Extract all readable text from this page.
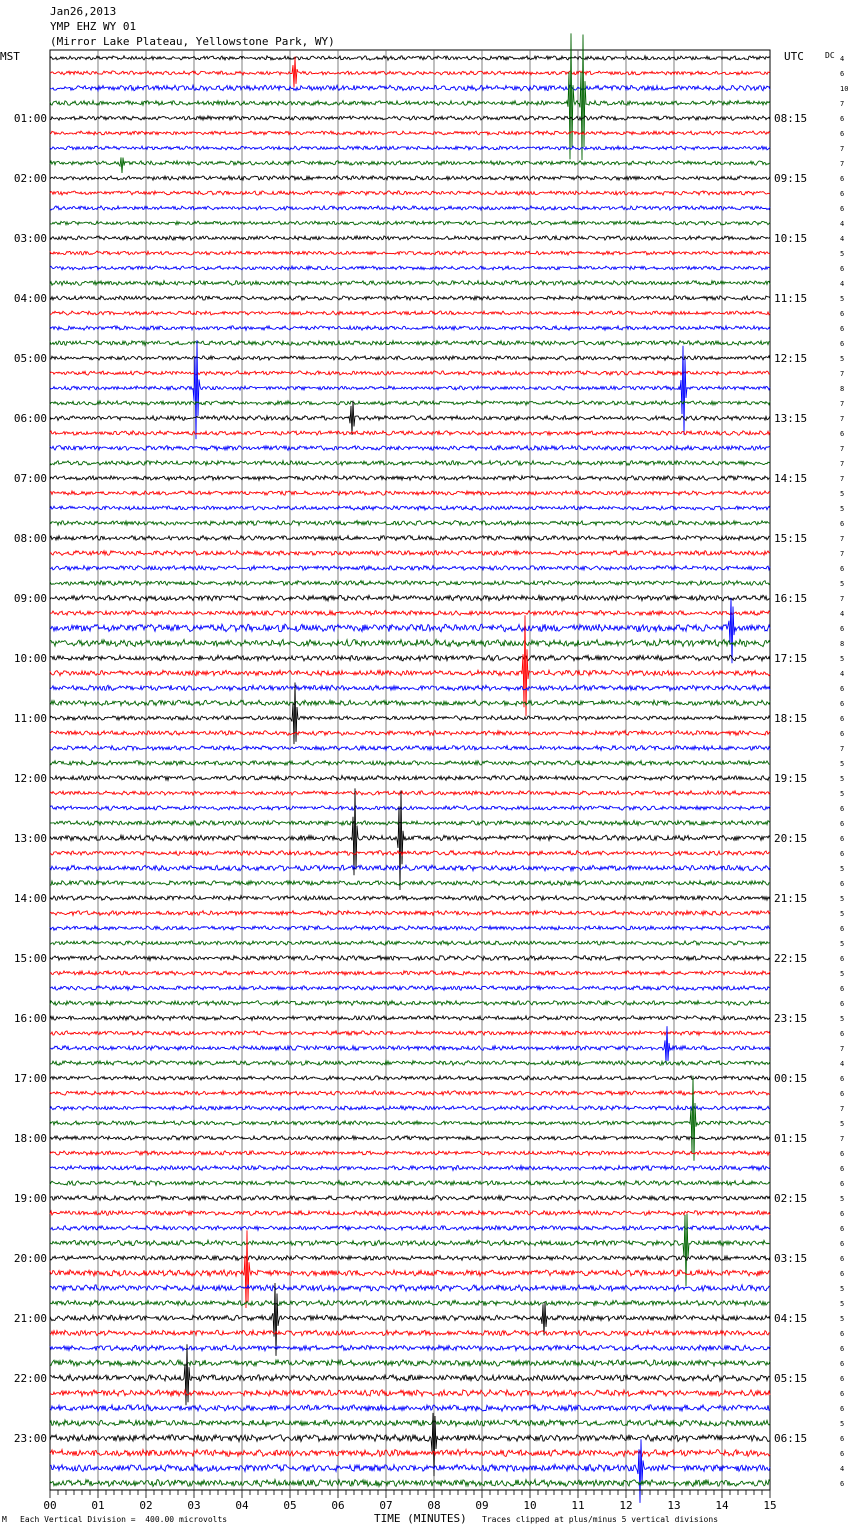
Jan26,2013
YMP EHZ WY 01
(Mirror Lake Plateau, Yellowstone Park, WY)
MST	UTC	DC
00	01	02	03	04	05	06	07	08	09	10	11	12	13	14	15
4
6
10
7
6
6
7
7
6
6
6
4
4
5
6
4
5
6
6
6
5
7
8
7
7
6
7
7
7
5
5
6
7
7
6
5
7
4
6
8
5
4
6
6
6
6
7
5
5
5
6
6
6
6
5
6
5
5
6
5
6
5
6
6
5
6
7
4
6
6
7
5
7
6
6
6
5
6
6
6
6
6
5
5
5
6
6
6
6
6
6
5
6
6
4
6
01:00
02:00
03:00
04:00
05:00
06:00
07:00
08:00
09:00
10:00
11:00
12:00
13:00
14:00
15:00
16:00
17:00
18:00
19:00
20:00
21:00
22:00
23:00
08:15
09:15
10:15
11:15
12:15
13:15
14:15
15:15
16:15
17:15
18:15
19:15
20:15
21:15
22:15
23:15
00:15
01:15
02:15
03:15
04:15
05:15
06:15
M Each Vertical Division =  400.00 microvolts	TIME (MINUTES) Traces clipped at plus/minus 5 vertical divisions
